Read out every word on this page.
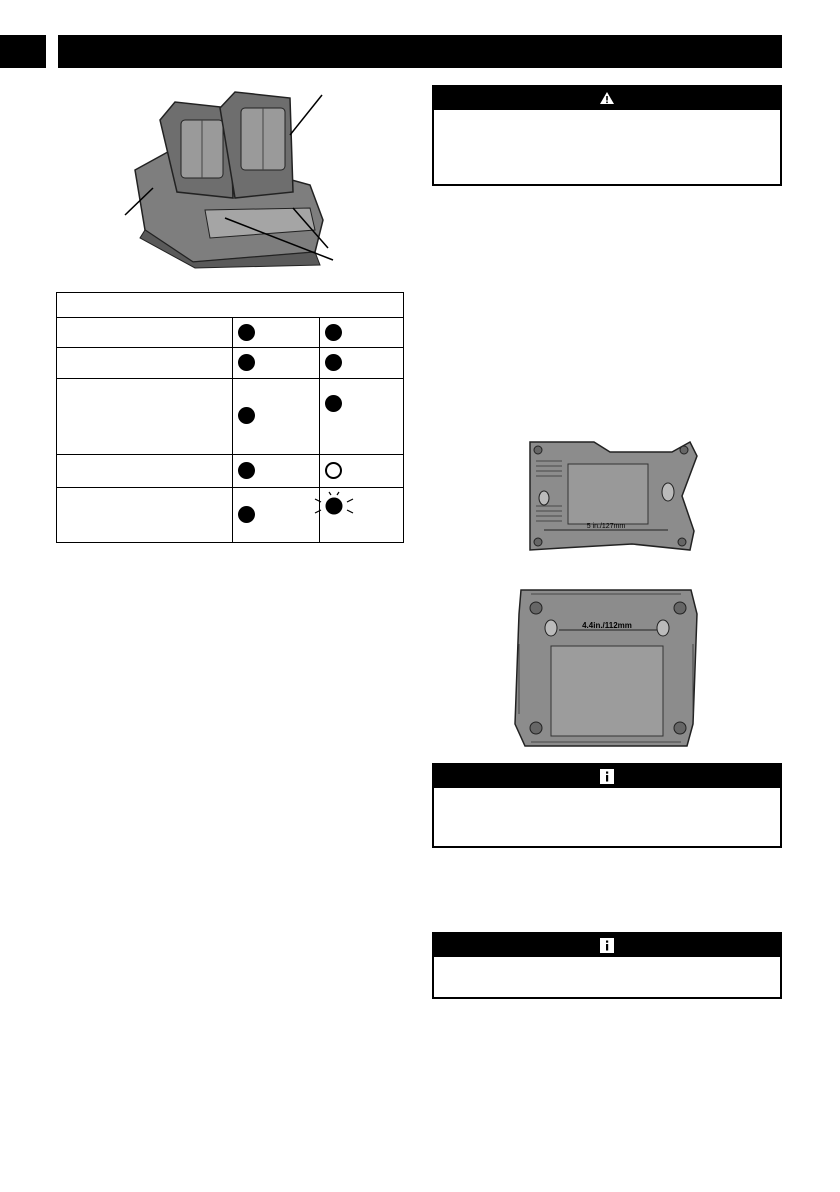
5 in./127mm
4.4in./112mm
